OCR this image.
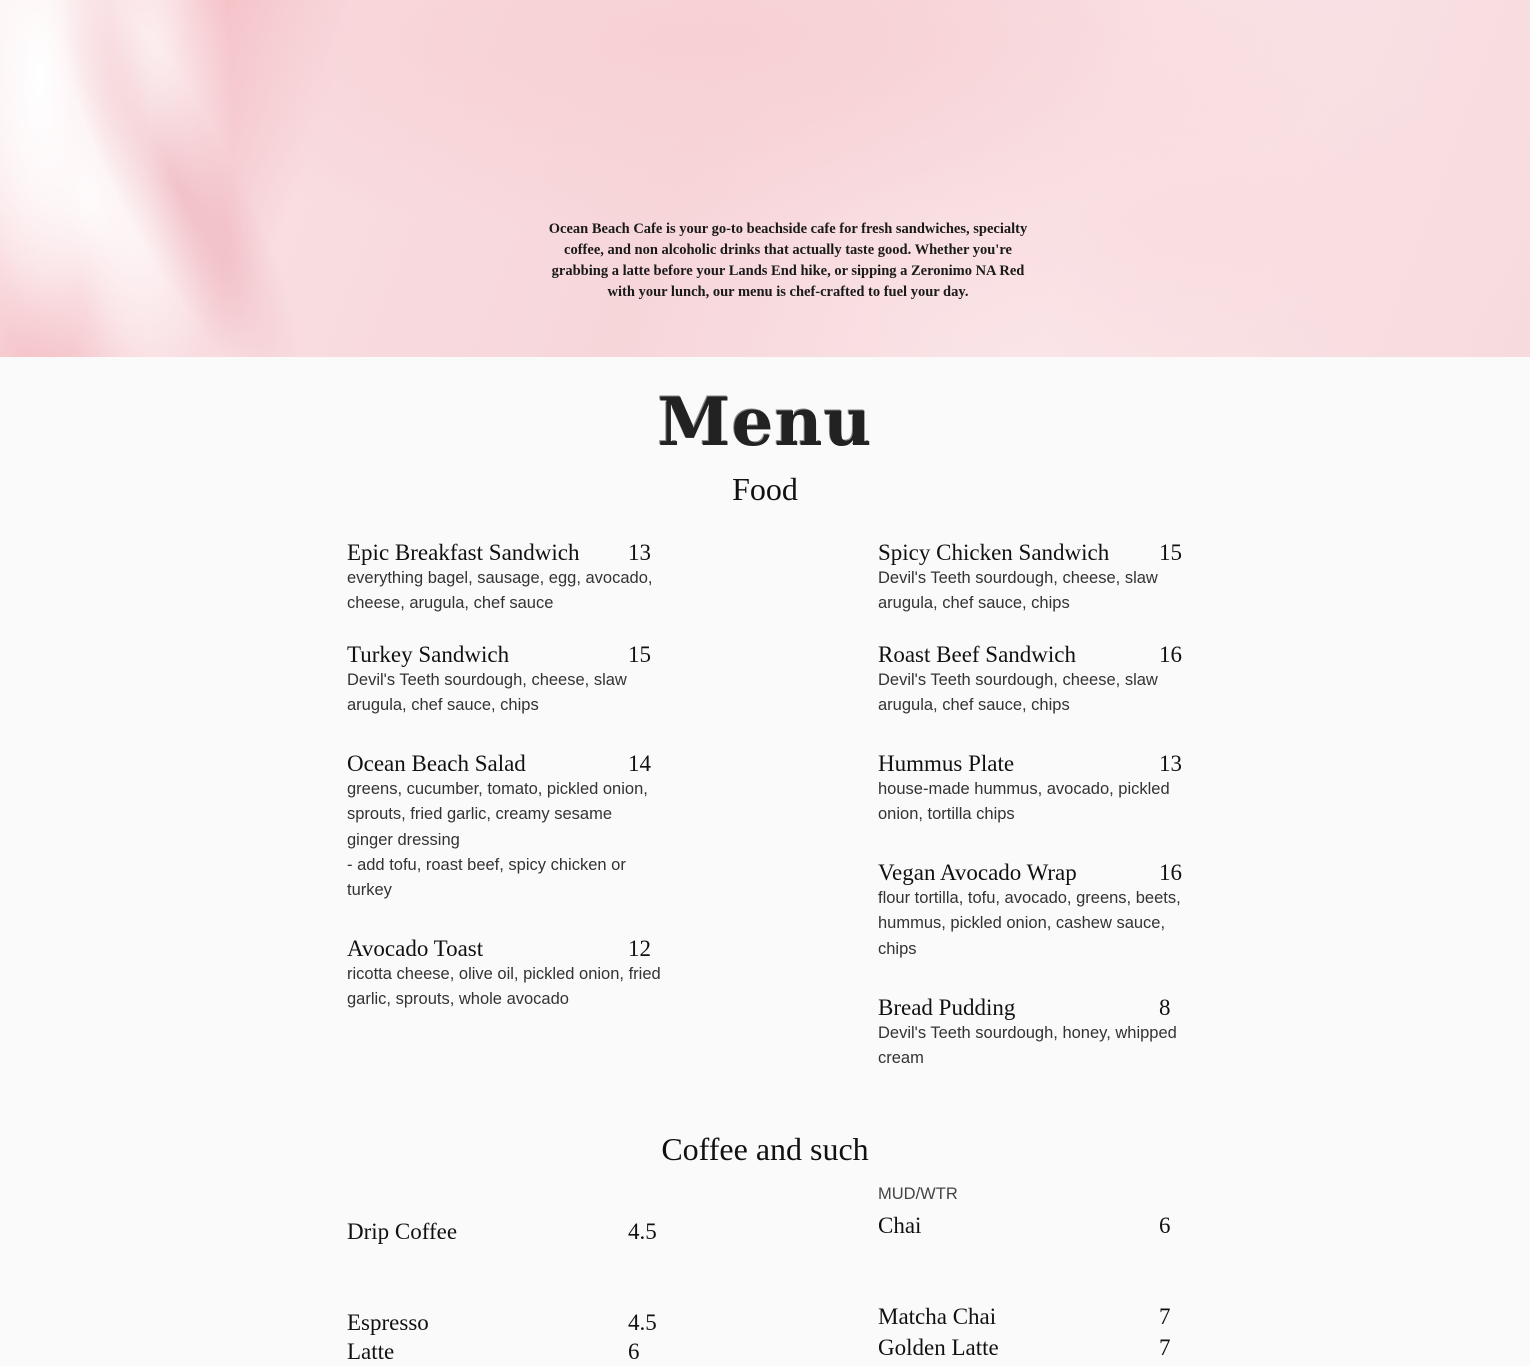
Ocean Beach Cafe is your go-to beachside cafe for fresh sandwiches, specialty coffee, and non alcoholic drinks that actually taste good. Whether you're grabbing a latte before your Lands End hike, or sipping a Zeronimo NA Red with your lunch, our menu is chef-crafted to fuel your day.
Menu
Food
Epic Breakfast Sandwich 13
everything bagel, sausage, egg, avocado, cheese, arugula, chef sauce
Turkey Sandwich	15
Devil's Teeth sourdough, cheese, slaw arugula, chef sauce, chips
Ocean Beach Salad	14
greens, cucumber, tomato, pickled onion, sprouts, fried garlic, creamy sesame ginger dressing
- add tofu, roast beef, spicy chicken or turkey
Avocado Toast	12
ricotta cheese, olive oil, pickled onion, fried garlic, sprouts, whole avocado
Spicy Chicken Sandwich 15
Devil's Teeth sourdough, cheese, slaw arugula, chef sauce, chips
Roast Beef Sandwich	16
Devil's Teeth sourdough, cheese, slaw arugula, chef sauce, chips
Hummus Plate	13
house-made hummus, avocado, pickled onion, tortilla chips
Vegan Avocado Wrap	16
flour tortilla, tofu, avocado, greens, beets, hummus, pickled onion, cashew sauce, chips
Bread Pudding	8
Devil's Teeth sourdough, honey, whipped cream
Coffee and such
Drip Coffee	4.5
Espresso	4.5
Latte	6
MUD/WTR
Chai	6
Matcha Chai	7
Golden Latte	7
